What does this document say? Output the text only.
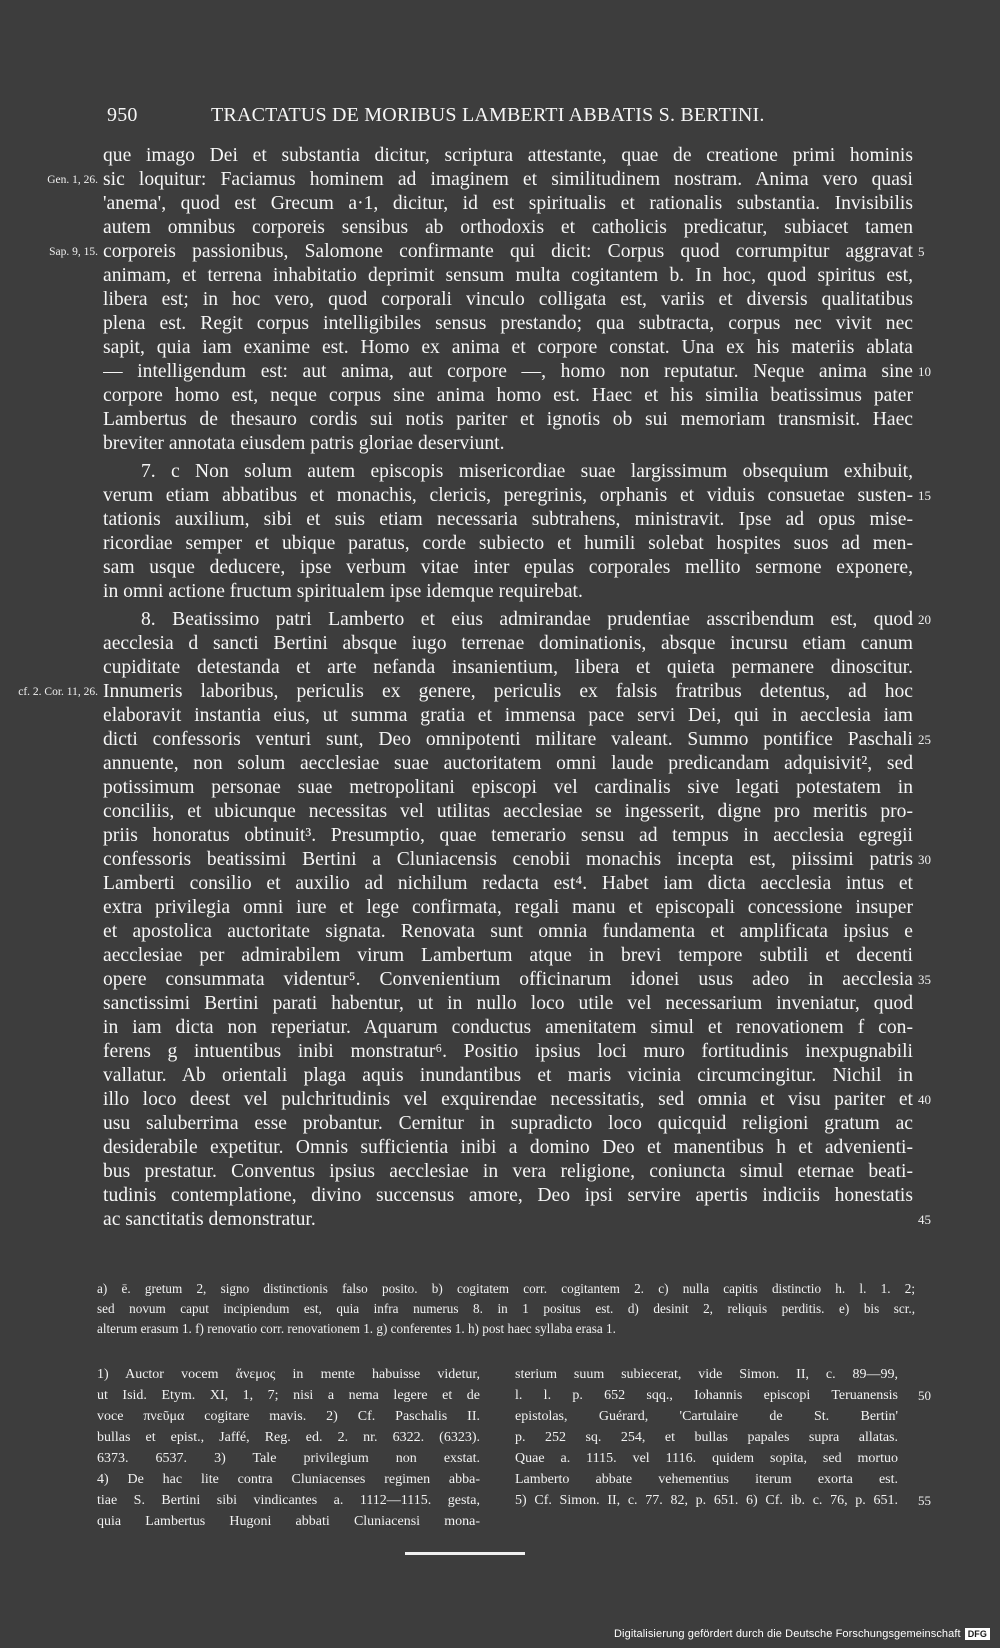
950	TRACTATUS DE MORIBUS LAMBERTI ABBATIS S. BERTINI.
que imago Dei et substantia dicitur, scriptura attestante, quae de creatione primi hominis
sic loquitur: Faciamus hominem ad imaginem et similitudinem nostram. Anima vero quasi
'anema', quod est Grecum a·1, dicitur, id est spiritualis et rationalis substantia. Invisibilis
autem omnibus corporeis sensibus ab orthodoxis et catholicis predicatur, subiacet tamen
corporeis passionibus, Salomone confirmante qui dicit: Corpus quod corrumpitur aggravat
animam, et terrena inhabitatio deprimit sensum multa cogitantem b. In hoc, quod spiritus est,
libera est; in hoc vero, quod corporali vinculo colligata est, variis et diversis qualitatibus
plena est. Regit corpus intelligibiles sensus prestando; qua subtracta, corpus nec vivit nec
sapit, quia iam exanime est. Homo ex anima et corpore constat. Una ex his materiis ablata
— intelligendum est: aut anima, aut corpore —, homo non reputatur. Neque anima sine
corpore homo est, neque corpus sine anima homo est. Haec et his similia beatissimus pater
Lambertus de thesauro cordis sui notis pariter et ignotis ob sui memoriam transmisit. Haec
breviter annotata eiusdem patris gloriae deserviunt.
7. c Non solum autem episcopis misericordiae suae largissimum obsequium exhibuit,
verum etiam abbatibus et monachis, clericis, peregrinis, orphanis et viduis consuetae susten-
tationis auxilium, sibi et suis etiam necessaria subtrahens, ministravit. Ipse ad opus mise-
ricordiae semper et ubique paratus, corde subiecto et humili solebat hospites suos ad men-
sam usque deducere, ipse verbum vitae inter epulas corporales mellito sermone exponere,
in omni actione fructum spiritualem ipse idemque requirebat.
8. Beatissimo patri Lamberto et eius admirandae prudentiae asscribendum est, quod
aecclesia d sancti Bertini absque iugo terrenae dominationis, absque incursu etiam canum
cupiditate detestanda et arte nefanda insanientium, libera et quieta permanere dinoscitur.
Innumeris laboribus, periculis ex genere, periculis ex falsis fratribus detentus, ad hoc
elaboravit instantia eius, ut summa gratia et immensa pace servi Dei, qui in aecclesia iam
dicti confessoris venturi sunt, Deo omnipotenti militare valeant. Summo pontifice Paschali
annuente, non solum aecclesiae suae auctoritatem omni laude predicandam adquisivit², sed
potissimum personae suae metropolitani episcopi vel cardinalis sive legati potestatem in
conciliis, et ubicunque necessitas vel utilitas aecclesiae se ingesserit, digne pro meritis pro-
priis honoratus obtinuit³. Presumptio, quae temerario sensu ad tempus in aecclesia egregii
confessoris beatissimi Bertini a Cluniacensis cenobii monachis incepta est, piissimi patris
Lamberti consilio et auxilio ad nichilum redacta est⁴. Habet iam dicta aecclesia intus et
extra privilegia omni iure et lege confirmata, regali manu et episcopali concessione insuper
et apostolica auctoritate signata. Renovata sunt omnia fundamenta et amplificata ipsius e
aecclesiae per admirabilem virum Lambertum atque in brevi tempore subtili et decenti
opere consummata videntur⁵. Convenientium officinarum idonei usus adeo in aecclesia
sanctissimi Bertini parati habentur, ut in nullo loco utile vel necessarium inveniatur, quod
in iam dicta non reperiatur. Aquarum conductus amenitatem simul et renovationem f con-
ferens g intuentibus inibi monstratur⁶. Positio ipsius loci muro fortitudinis inexpugnabili
vallatur. Ab orientali plaga aquis inundantibus et maris vicinia circumcingitur. Nichil in
illo loco deest vel pulchritudinis vel exquirendae necessitatis, sed omnia et visu pariter et
usu saluberrima esse probantur. Cernitur in supradicto loco quicquid religioni gratum ac
desiderabile expetitur. Omnis sufficientia inibi a domino Deo et manentibus h et advenienti-
bus prestatur. Conventus ipsius aecclesiae in vera religione, coniuncta simul eternae beati-
tudinis contemplatione, divino succensus amore, Deo ipsi servire apertis indiciis honestatis
ac sanctitatis demonstratur.
Gen. 1, 26.
Sap. 9, 15.
cf. 2. Cor. 11, 26.
5
10
15
20
25
30
35
40
45
a) ē. gretum 2, signo distinctionis falso posito. b) cogitatem corr. cogitantem 2. c) nulla capitis distinctio h. l. 1. 2;
sed novum caput incipiendum est, quia infra numerus 8. in 1 positus est. d) desinit 2, reliquis perditis. e) bis scr.,
alterum erasum 1. f) renovatio corr. renovationem 1. g) conferentes 1. h) post haec syllaba erasa 1.
1) Auctor vocem ἄνεμος in mente habuisse videtur,
ut Isid. Etym. XI, 1, 7; nisi a nema legere et de
voce πνεῦμα cogitare mavis. 2) Cf. Paschalis II.
bullas et epist., Jaffé, Reg. ed. 2. nr. 6322. (6323).
6373. 6537. 3) Tale privilegium non exstat.
4) De hac lite contra Cluniacenses regimen abba-
tiae S. Bertini sibi vindicantes a. 1112—1115. gesta,
quia Lambertus Hugoni abbati Cluniacensi mona-
sterium suum subiecerat, vide Simon. II, c. 89—99,
l. l. p. 652 sqq., Iohannis episcopi Teruanensis
epistolas, Guérard, 'Cartulaire de St. Bertin'
p. 252 sq. 254, et bullas papales supra allatas.
Quae a. 1115. vel 1116. quidem sopita, sed mortuo
Lamberto abbate vehementius iterum exorta est.
5) Cf. Simon. II, c. 77. 82, p. 651. 6) Cf. ib. c. 76, p. 651.
50
55
Digitalisierung gefördert durch die Deutsche Forschungsgemeinschaft DFG
